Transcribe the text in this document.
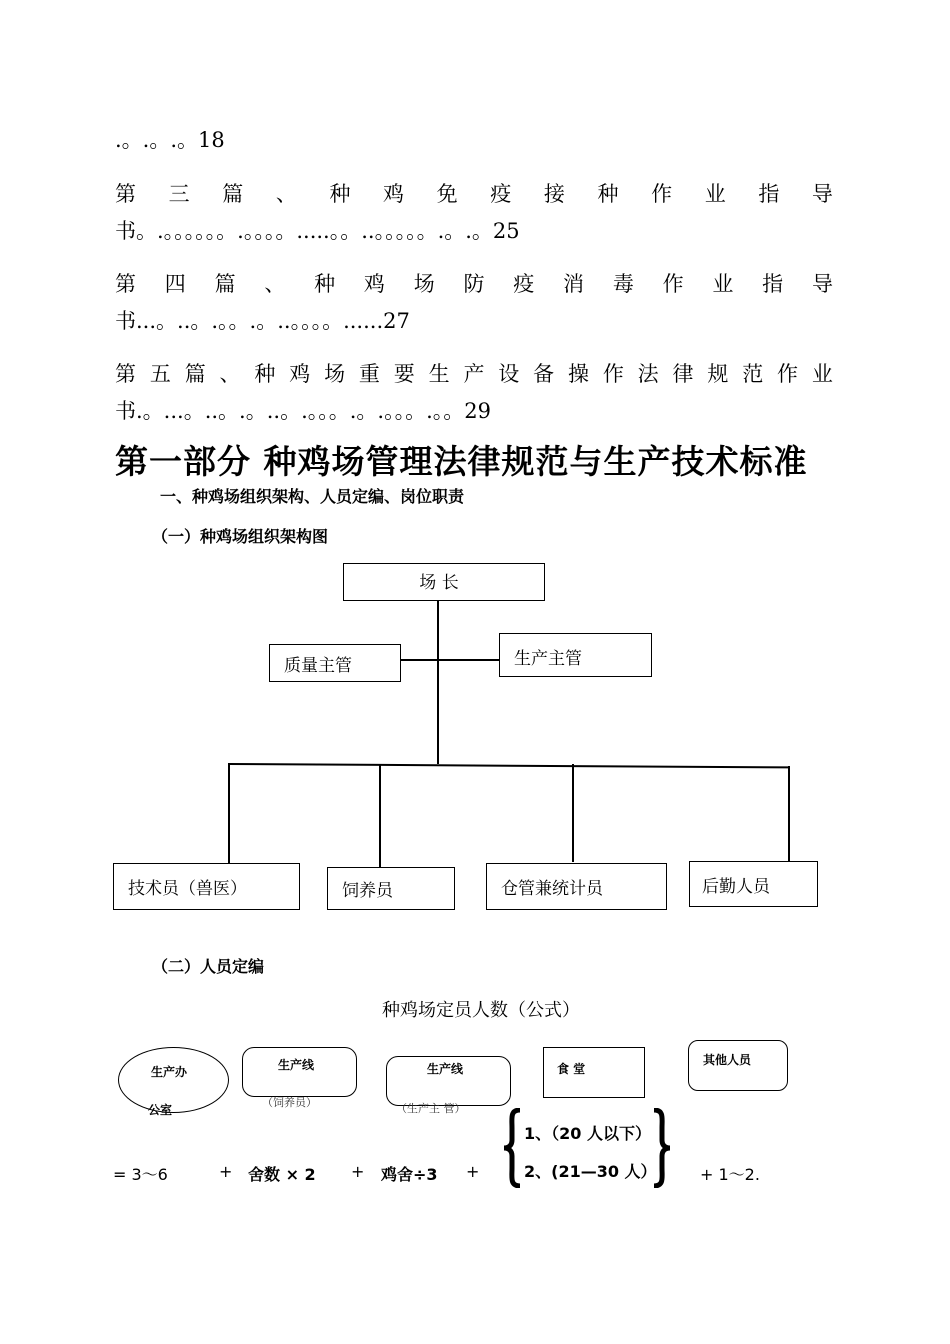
.。.。.。18
第 三 篇 、 种 鸡 免 疫 接 种 作 业 指 导
书。.。。。。。。.。。。。.....。。..。。。。。.。.。25
第 四 篇 、 种 鸡 场 防 疫 消 毒 作 业 指 导
书...。..。.。。.。..。。。。......27
第 五 篇 、 种 鸡 场 重 要 生 产 设 备 操 作 法 律 规 范 作 业
书.。...。..。.。..。.。。。.。.。。。.。。29
第一部分 种鸡场管理法律规范与生产技术标准
一、种鸡场组织架构、人员定编、岗位职责
（一）种鸡场组织架构图
场 长
质量主管	生产主管
技术员（兽医）	饲养员	仓管兼统计员	后勤人员
（二）人员定编
种鸡场定员人数（公式）
生产办
公室
生产线
（饲养员）
生产线
（生产主 管）
食 堂
其他人员
= 3～6	+ 舍数 × 2 + 鸡舍÷3 +
1、（20 人以下）
2、(21—30 人）	+ 1～2.
